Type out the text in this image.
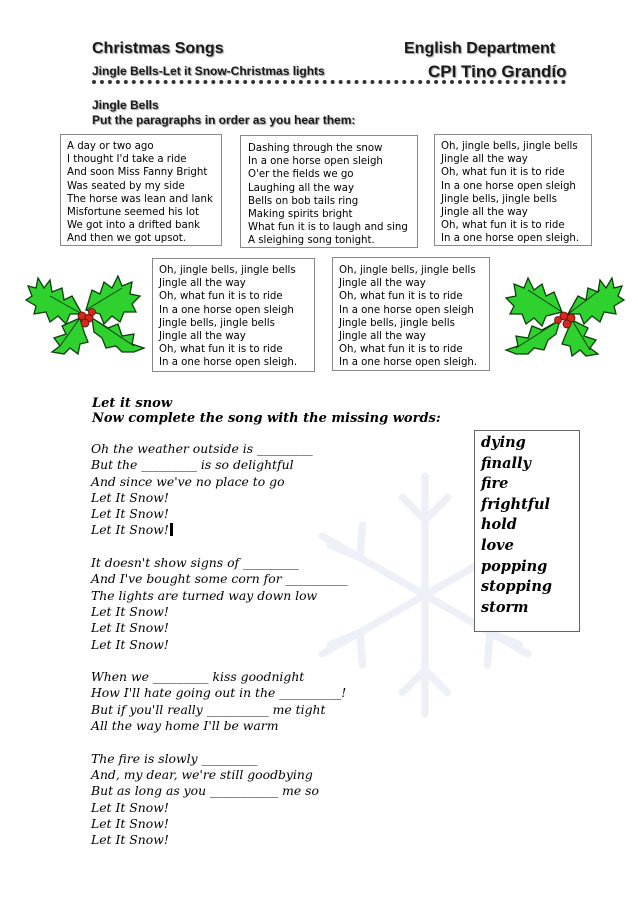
Christmas Songs
Jingle Bells-Let it Snow-Christmas lights
English Department
CPI Tino Grandío
Jingle Bells
Put the paragraphs in order as you hear them:
A day or two ago
I thought I'd take a ride
And soon Miss Fanny Bright
Was seated by my side
The horse was lean and lank
Misfortune seemed his lot
We got into a drifted bank
And then we got upsot.
Dashing through the snow
In a one horse open sleigh
O'er the fields we go
Laughing all the way
Bells on bob tails ring
Making spirits bright
What fun it is to laugh and sing
A sleighing song tonight.
Oh, jingle bells, jingle bells
Jingle all the way
Oh, what fun it is to ride
In a one horse open sleigh
Jingle bells, jingle bells
Jingle all the way
Oh, what fun it is to ride
In a one horse open sleigh.
Oh, jingle bells, jingle bells
Jingle all the way
Oh, what fun it is to ride
In a one horse open sleigh
Jingle bells, jingle bells
Jingle all the way
Oh, what fun it is to ride
In a one horse open sleigh.
Oh, jingle bells, jingle bells
Jingle all the way
Oh, what fun it is to ride
In a one horse open sleigh
Jingle bells, jingle bells
Jingle all the way
Oh, what fun it is to ride
In a one horse open sleigh.
Let it snow
Now complete the song with the missing words:
Oh the weather outside is _________
But the _________ is so delightful
And since we've no place to go
Let It Snow!
Let It Snow!
Let It Snow!
It doesn't show signs of _________
And I've bought some corn for __________
The lights are turned way down low
Let It Snow!
Let It Snow!
Let It Snow!
When we _________ kiss goodnight
How I'll hate going out in the __________!
But if you'll really __________ me tight
All the way home I'll be warm
The fire is slowly _________
And, my dear, we're still goodbying
But as long as you ___________ me so
Let It Snow!
Let It Snow!
Let It Snow!
dying
finally
fire
frightful
hold
love
popping
stopping
storm
